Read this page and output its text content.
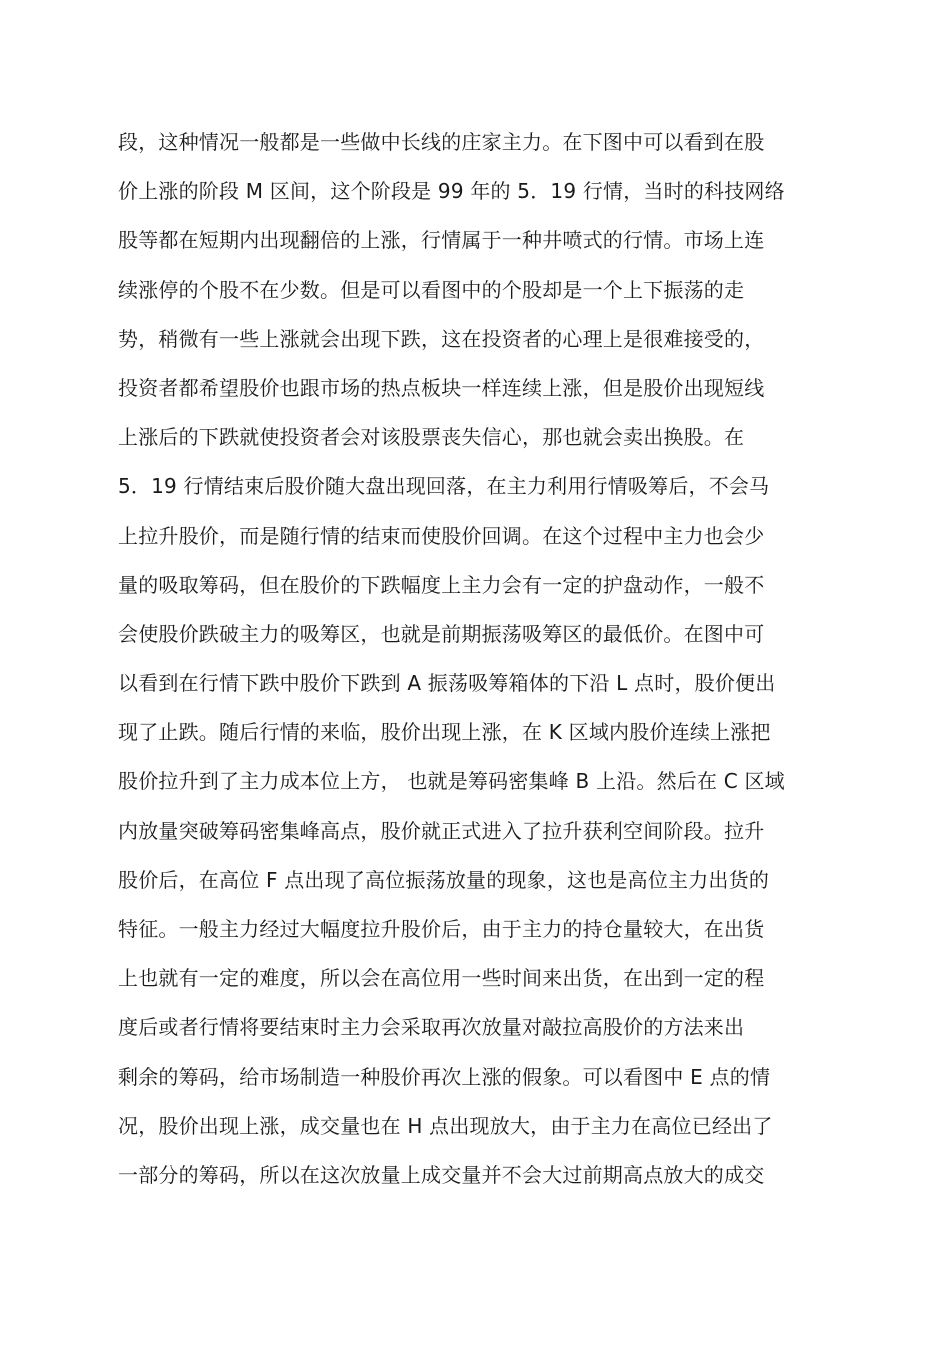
段，这种情况一般都是一些做中长线的庄家主力。在下图中可以看到在股
价上涨的阶段 M 区间，这个阶段是 99 年的 5．19 行情，当时的科技网络
股等都在短期内出现翻倍的上涨，行情属于一种井喷式的行情。市场上连
续涨停的个股不在少数。但是可以看图中的个股却是一个上下振荡的走
势，稍微有一些上涨就会出现下跌，这在投资者的心理上是很难接受的，
投资者都希望股价也跟市场的热点板块一样连续上涨，但是股价出现短线
上涨后的下跌就使投资者会对该股票丧失信心，那也就会卖出换股。在
5．19 行情结束后股价随大盘出现回落，在主力利用行情吸筹后，不会马
上拉升股价，而是随行情的结束而使股价回调。在这个过程中主力也会少
量的吸取筹码，但在股价的下跌幅度上主力会有一定的护盘动作，一般不
会使股价跌破主力的吸筹区，也就是前期振荡吸筹区的最低价。在图中可
以看到在行情下跌中股价下跌到 A 振荡吸筹箱体的下沿 L 点时，股价便出
现了止跌。随后行情的来临，股价出现上涨，在 K 区域内股价连续上涨把
股价拉升到了主力成本位上方， 也就是筹码密集峰 B 上沿。然后在 C 区域
内放量突破筹码密集峰高点，股价就正式进入了拉升获利空间阶段。拉升
股价后，在高位 F 点出现了高位振荡放量的现象，这也是高位主力出货的
特征。一般主力经过大幅度拉升股价后，由于主力的持仓量较大，在出货
上也就有一定的难度，所以会在高位用一些时间来出货，在出到一定的程
度后或者行情将要结束时主力会采取再次放量对敲拉高股价的方法来出
剩余的筹码，给市场制造一种股价再次上涨的假象。可以看图中 E 点的情
况，股价出现上涨，成交量也在 H 点出现放大，由于主力在高位已经出了
一部分的筹码，所以在这次放量上成交量并不会大过前期高点放大的成交
